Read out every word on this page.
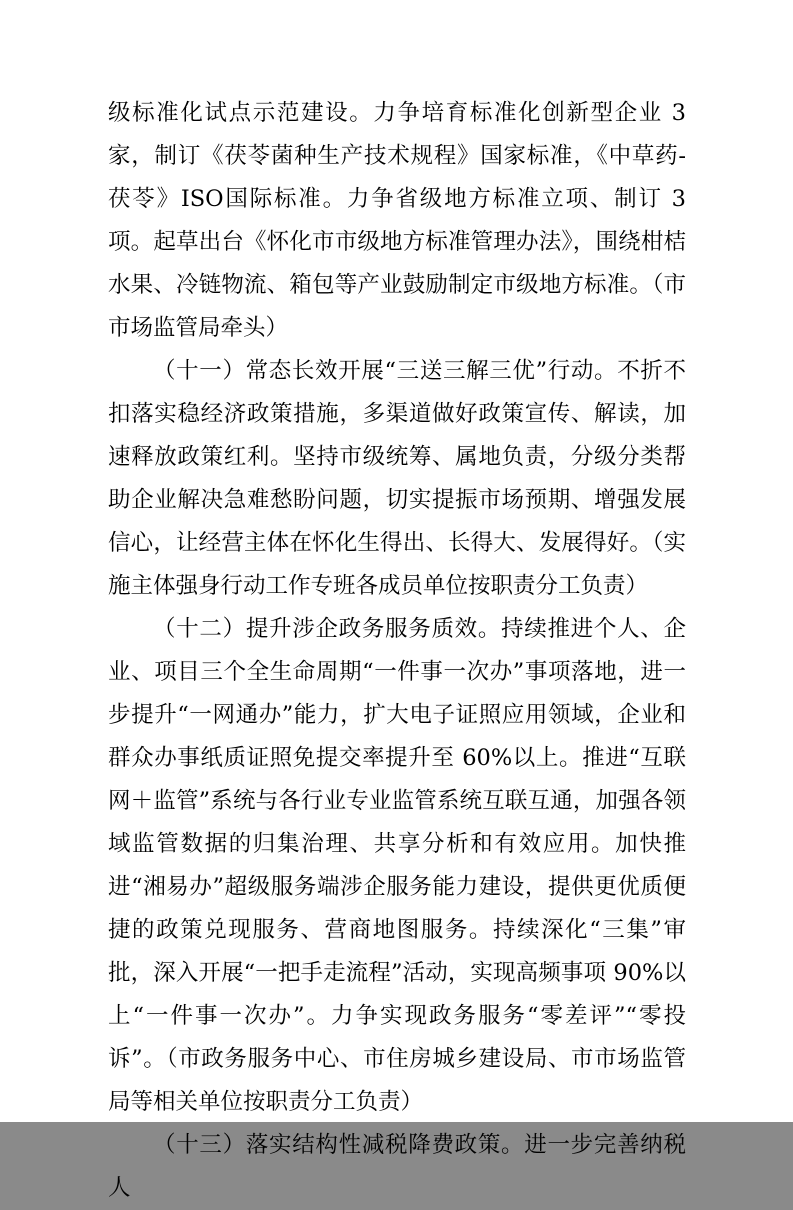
级标准化试点示范建设。力争培育标准化创新型企业 3 家，制订《茯苓菌种生产技术规程》国家标准，《中草药-茯苓》ISO国际标准。力争省级地方标准立项、制订 3 项。起草出台《怀化市市级地方标准管理办法》，围绕柑桔水果、冷链物流、箱包等产业鼓励制定市级地方标准。（市市场监管局牵头）

（十一）常态长效开展“三送三解三优”行动。不折不扣落实稳经济政策措施，多渠道做好政策宣传、解读，加速释放政策红利。坚持市级统筹、属地负责，分级分类帮助企业解决急难愁盼问题，切实提振市场预期、增强发展信心，让经营主体在怀化生得出、长得大、发展得好。（实施主体强身行动工作专班各成员单位按职责分工负责）

（十二）提升涉企政务服务质效。持续推进个人、企业、项目三个全生命周期“一件事一次办”事项落地，进一步提升“一网通办”能力，扩大电子证照应用领域，企业和群众办事纸质证照免提交率提升至 60%以上。推进“互联网＋监管”系统与各行业专业监管系统互联互通，加强各领域监管数据的归集治理、共享分析和有效应用。加快推进“湘易办”超级服务端涉企服务能力建设，提供更优质便捷的政策兑现服务、营商地图服务。持续深化“三集”审批，深入开展“一把手走流程”活动，实现高频事项 90%以上“一件事一次办”。力争实现政务服务“零差评”“零投诉”。（市政务服务中心、市住房城乡建设局、市市场监管局等相关单位按职责分工负责）

（十三）落实结构性减税降费政策。进一步完善纳税人
